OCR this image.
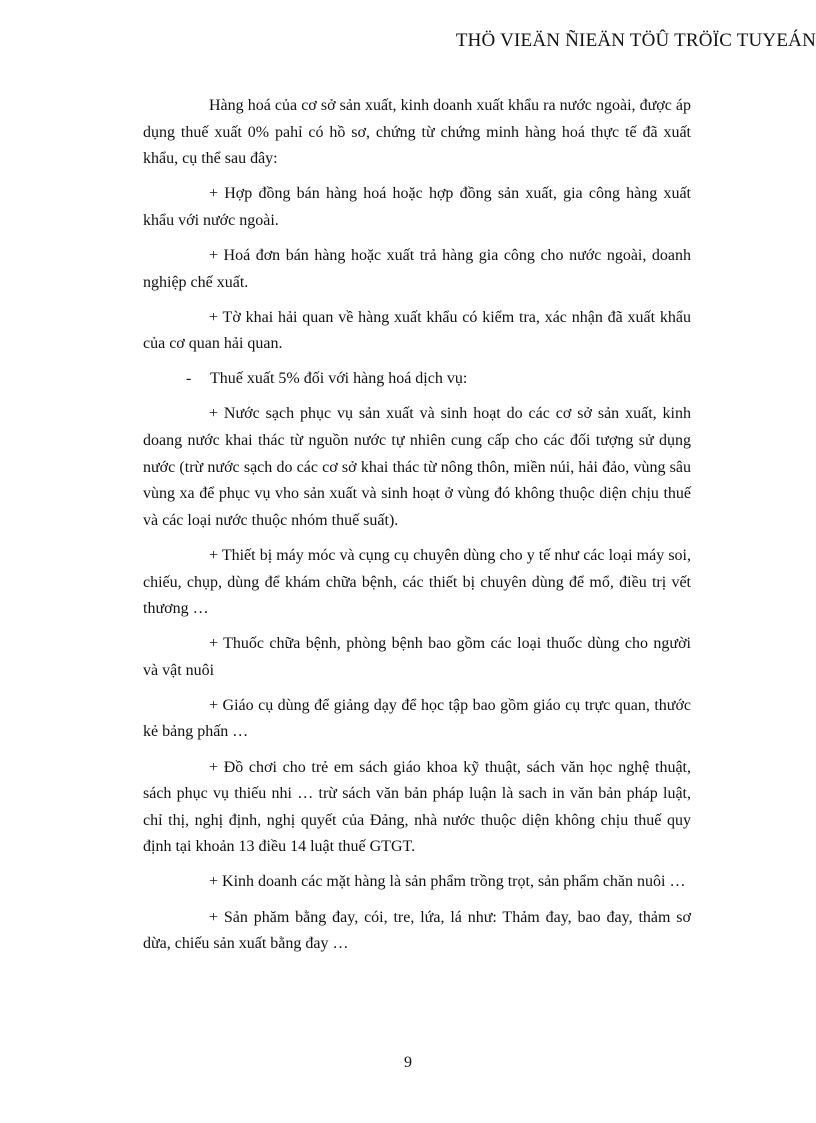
THÖ VIEÄN ÑIEÄN TÖÛ TRÖÏC TUYEÁN

Hàng hoá của cơ sở sản xuất, kinh doanh xuất khẩu ra nước ngoài, được áp dụng thuế xuất 0% pahỉ có hồ sơ, chứng từ chứng minh hàng hoá thực tế đã xuất khẩu, cụ thể sau đây:

+ Hợp đồng bán hàng hoá hoặc hợp đồng sản xuất, gia công hàng xuất khẩu với nước ngoài.

+ Hoá đơn bán hàng hoặc xuất trả hàng gia công cho nước ngoài, doanh nghiệp chế xuất.

+ Tờ khai hải quan về hàng xuất khẩu có kiểm tra, xác nhận đã xuất khẩu của cơ quan hải quan.

- Thuế xuất 5% đối với hàng hoá dịch vụ:

+ Nước sạch phục vụ sản xuất và sinh hoạt do các cơ sở sản xuất, kinh doang nước khai thác từ nguồn nước tự nhiên cung cấp cho các đối tượng sử dụng nước (trừ nước sạch do các cơ sở khai thác từ nông thôn, miền núi, hải đảo, vùng sâu vùng xa để phục vụ vho sản xuất và sinh hoạt ở vùng đó không thuộc diện chịu thuế và các loại nước thuộc nhóm thuế suất).

+ Thiết bị máy móc và cụng cụ chuyên dùng cho y tế như các loại máy soi, chiếu, chụp, dùng để khám chữa bệnh, các thiết bị chuyên dùng để mổ, điều trị vết thương …

+ Thuốc chữa bệnh, phòng bệnh bao gồm các loại thuốc dùng cho người và vật nuôi

+ Giáo cụ dùng để giảng dạy để học tập bao gồm giáo cụ trực quan, thước kẻ bảng phấn …

+ Đồ chơi cho trẻ em sách giáo khoa kỹ thuật, sách văn học nghệ thuật, sách phục vụ thiếu nhi … trừ sách văn bản pháp luận là sach in văn bản pháp luật, chỉ thị, nghị định, nghị quyết của Đảng, nhà nước thuộc diện không chịu thuế quy định tại khoản 13 điều 14 luật thuế GTGT.

+ Kinh doanh các mặt hàng là sản phẩm trồng trọt, sản phẩm chăn nuôi …

+ Sản phăm bằng đay, cói, tre, lứa, lá như: Thảm đay, bao đay, thảm sơ dừa, chiếu sản xuất bằng đay …

9
